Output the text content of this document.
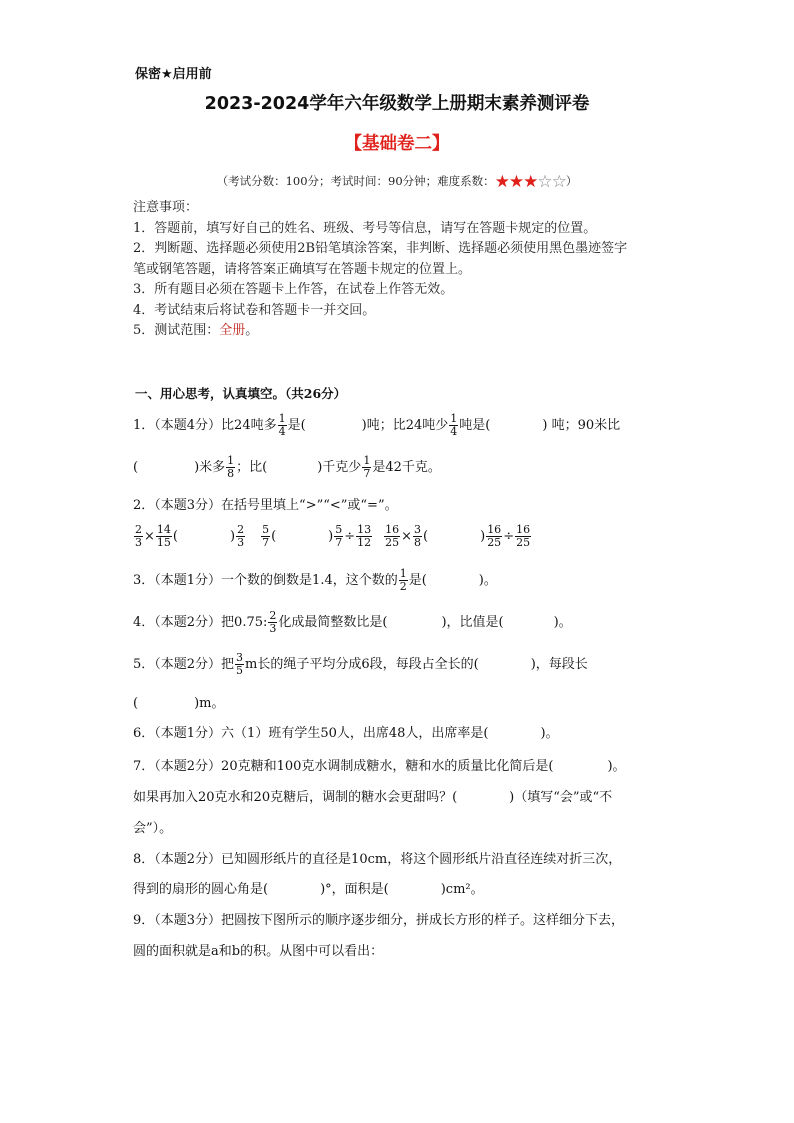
保密★启用前
2023-2024学年六年级数学上册期末素养测评卷
【基础卷二】
（考试分数：100分；考试时间：90分钟；难度系数：★★★☆☆）
注意事项：
1．答题前，填写好自己的姓名、班级、考号等信息，请写在答题卡规定的位置。
2．判断题、选择题必须使用2B铅笔填涂答案，非判断、选择题必须使用黑色墨迹签字
笔或钢笔答题，请将答案正确填写在答题卡规定的位置上。
3．所有题目必须在答题卡上作答，在试卷上作答无效。
4．考试结束后将试卷和答题卡一并交回。
5．测试范围：全册。
一、用心思考，认真填空。（共26分）
1．（本题4分）比24吨多 $\frac{1}{4}$ 是(	)吨；比24吨少 $\frac{1}{4}$ 吨是(	) 吨；90米比
(	)米多 $\frac{1}{8}$ ；比(	)千克少 $\frac{1}{7}$ 是42千克。
2．（本题3分）在括号里填上“>”“<”或“=”。
$\frac{2}{3} \times \frac{14}{15}$ (	) $\frac{2}{3} \frac{5}{7}$ (	) $\frac{5}{7} \div \frac{13}{12} \frac{16}{25} \times \frac{3}{8}$ (	) $\frac{16}{25} \div \frac{16}{25}$
3．（本题1分）一个数的倒数是1.4，这个数的 $\frac{1}{2}$ 是(	)。
4．（本题2分）把0.75: $\frac{2}{3}$ 化成最简整数比是(	)，比值是(	)。
5．（本题2分）把 $\frac{3}{5}$ m长的绳子平均分成6段，每段占全长的(	)，每段长
(	)m。
6．（本题1分）六（1）班有学生50人，出席48人，出席率是(	)。
7．（本题2分）20克糖和100克水调制成糖水，糖和水的质量比化简后是(	)。
如果再加入20克水和20克糖后，调制的糖水会更甜吗？(	)（填写“会”或“不
会”）。
8．（本题2分）已知圆形纸片的直径是10cm，将这个圆形纸片沿直径连续对折三次，
得到的扇形的圆心角是(	)°，面积是(	)cm²。
9．（本题3分）把圆按下图所示的顺序逐步细分，拼成长方形的样子。这样细分下去，
圆的面积就是a和b的积。从图中可以看出：
